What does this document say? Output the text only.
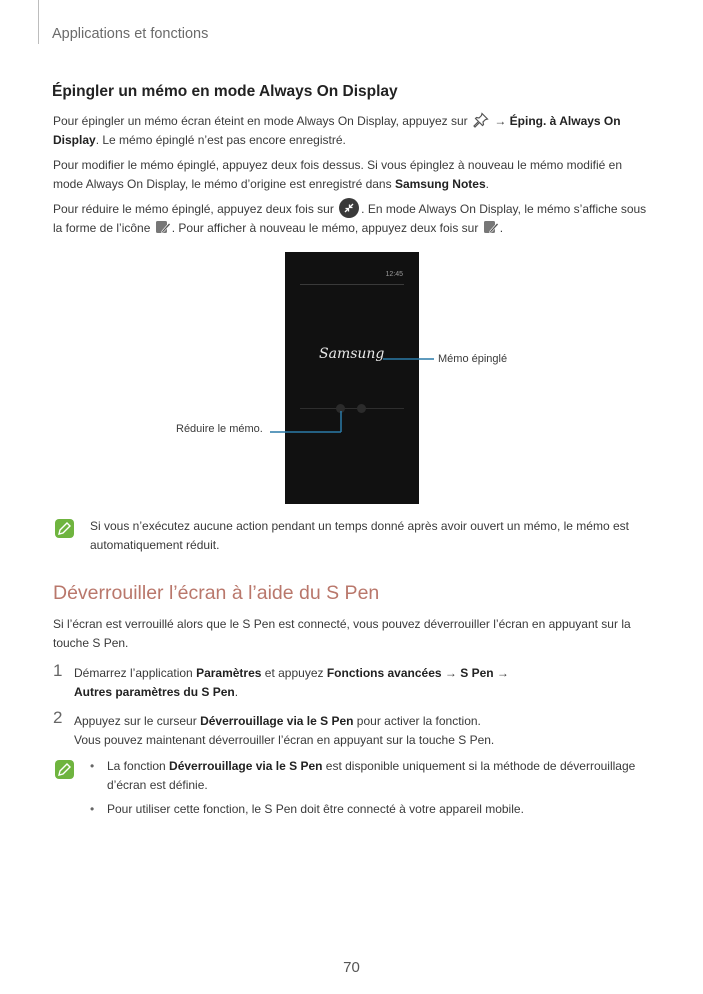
Applications et fonctions
Épingler un mémo en mode Always On Display
Pour épingler un mémo écran éteint en mode Always On Display, appuyez sur  → Éping. à Always On
Display. Le mémo épinglé n’est pas encore enregistré.
Pour modifier le mémo épinglé, appuyez deux fois dessus. Si vous épinglez à nouveau le mémo modifié en
mode Always On Display, le mémo d’origine est enregistré dans Samsung Notes.
Pour réduire le mémo épinglé, appuyez deux fois sur
. En mode Always On Display, le mémo s’affiche sous
la forme de l’icône . Pour afficher à nouveau le mémo, appuyez deux fois sur .
12:45
Samsung	Mémo épinglé
Réduire le mémo.
Si vous n’exécutez aucune action pendant un temps donné après avoir ouvert un mémo, le mémo est
automatiquement réduit.
Déverrouiller l’écran à l’aide du S Pen
Si l’écran est verrouillé alors que le S Pen est connecté, vous pouvez déverrouiller l’écran en appuyant sur la
touche S Pen.
1 Démarrez l’application Paramètres et appuyez Fonctions avancées → S Pen →
Autres paramètres du S Pen.
2 Appuyez sur le curseur Déverrouillage via le S Pen pour activer la fonction.
Vous pouvez maintenant déverrouiller l’écran en appuyant sur la touche S Pen.
• La fonction Déverrouillage via le S Pen est disponible uniquement si la méthode de déverrouillage
d’écran est définie.
• Pour utiliser cette fonction, le S Pen doit être connecté à votre appareil mobile.
70
